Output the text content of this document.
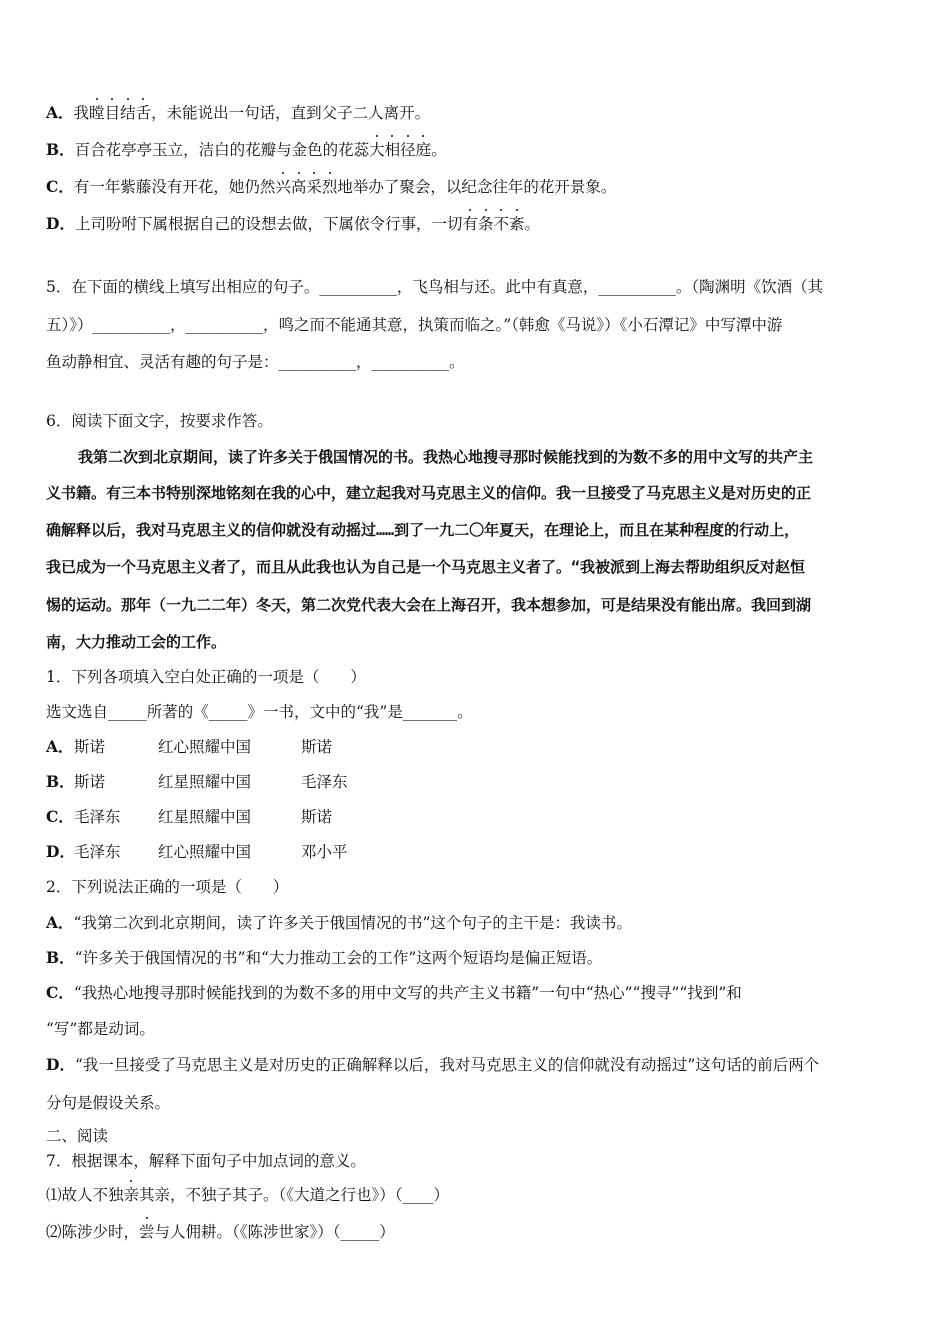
A．我瞠目结舌，未能说出一句话，直到父子二人离开。
B．百合花亭亭玉立，洁白的花瓣与金色的花蕊大相径庭。
C．有一年紫藤没有开花，她仍然兴高采烈地举办了聚会，以纪念往年的花开景象。
D．上司吩咐下属根据自己的设想去做，下属依令行事，一切有条不紊。
5．在下面的横线上填写出相应的句子。__________，飞鸟相与还。此中有真意，__________。（陶渊明《饮酒（其
五）》）__________，__________，鸣之而不能通其意，执策而临之。”（韩愈《马说》）《小石潭记》中写潭中游
鱼动静相宜、灵活有趣的句子是：__________，__________。
6．阅读下面文字，按要求作答。
我第二次到北京期间，读了许多关于俄国情况的书。我热心地搜寻那时候能找到的为数不多的用中文写的共产主
义书籍。有三本书特别深地铭刻在我的心中，建立起我对马克思主义的信仰。我一旦接受了马克思主义是对历史的正
确解释以后，我对马克思主义的信仰就没有动摇过……到了一九二〇年夏天，在理论上，而且在某种程度的行动上，
我已成为一个马克思主义者了，而且从此我也认为自己是一个马克思主义者了。“我被派到上海去帮助组织反对赵恒
惕的运动。那年（一九二二年）冬天，第二次党代表大会在上海召开，我本想参加，可是结果没有能出席。我回到湖
南，大力推动工会的工作。
1．下列各项填入空白处正确的一项是（　　）
选文选自_____所著的《_____》一书，文中的“我”是_______。
A．斯诺	红心照耀中国	斯诺
B．斯诺	红星照耀中国	毛泽东
C．毛泽东 红星照耀中国	斯诺
D．毛泽东 红心照耀中国	邓小平
2．下列说法正确的一项是（　　）
A．“我第二次到北京期间，读了许多关于俄国情况的书”这个句子的主干是：我读书。
B．“许多关于俄国情况的书”和“大力推动工会的工作”这两个短语均是偏正短语。
C．“我热心地搜寻那时候能找到的为数不多的用中文写的共产主义书籍”一句中“热心”“搜寻”“找到”和
“写”都是动词。
D．“我一旦接受了马克思主义是对历史的正确解释以后，我对马克思主义的信仰就没有动摇过”这句话的前后两个
分句是假设关系。
二、阅读
7．根据课本，解释下面句子中加点词的意义。
⑴故人不独亲其亲，不独子其子。（《大道之行也》）（____）
⑵陈涉少时，尝与人佣耕。（《陈涉世家》）（_____）
